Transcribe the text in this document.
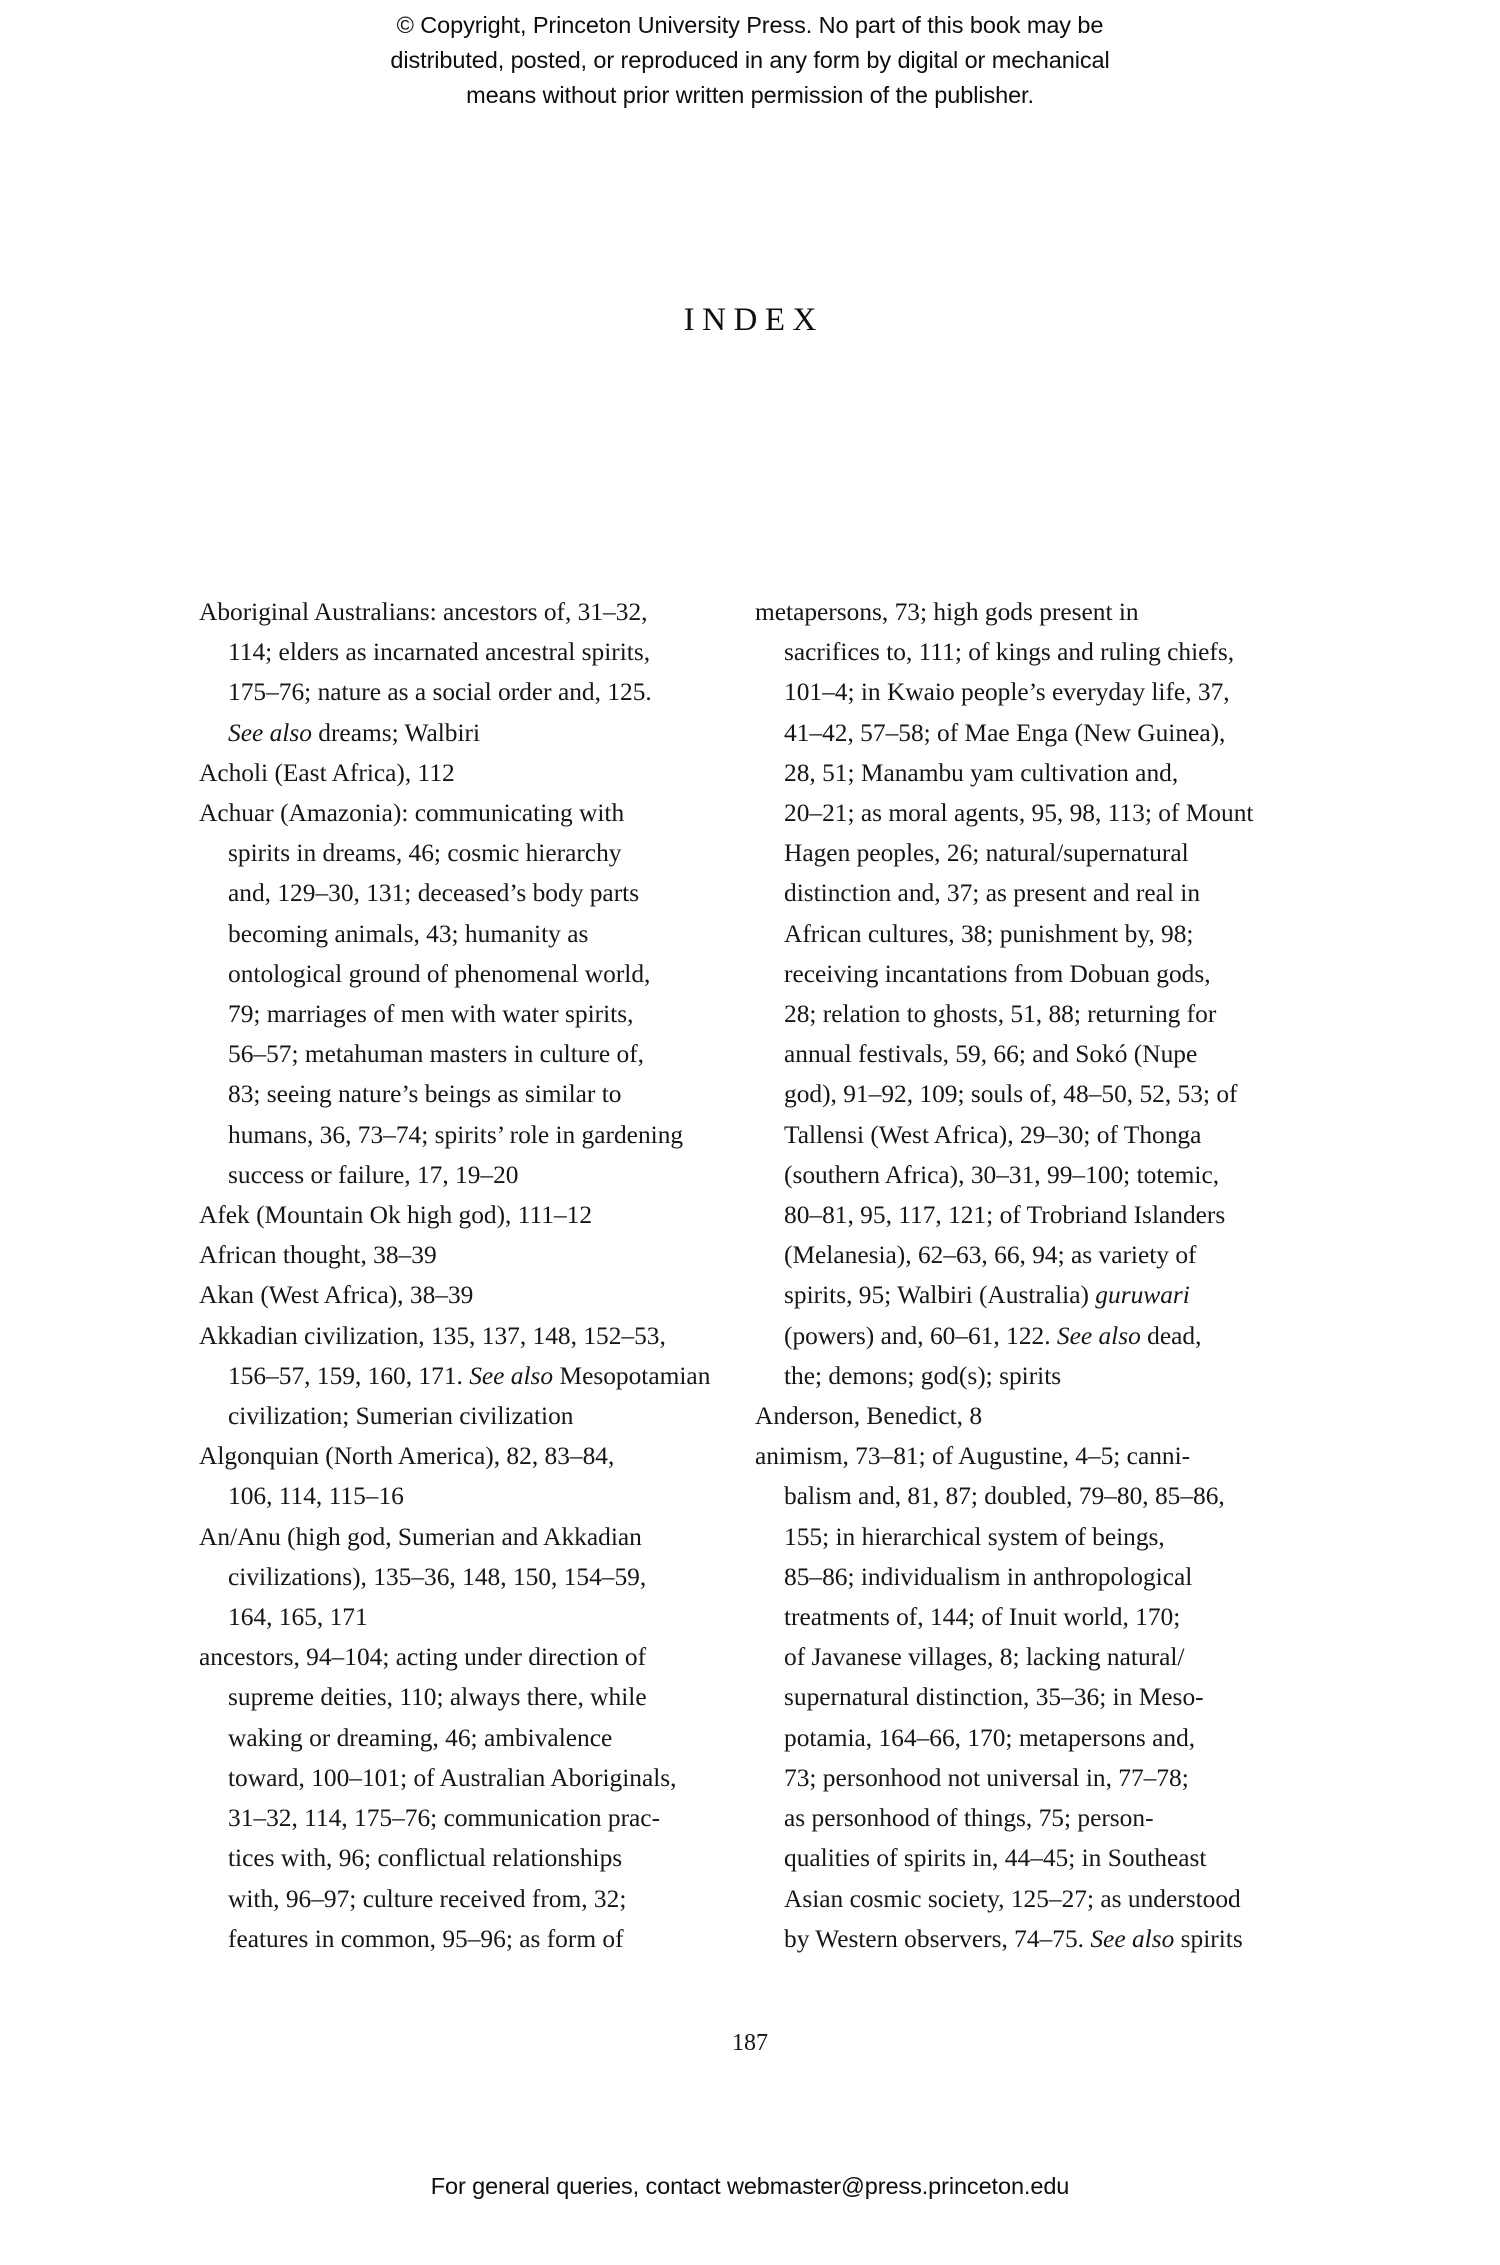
© Copyright, Princeton University Press. No part of this book may be
distributed, posted, or reproduced in any form by digital or mechanical
means without prior written permission of the publisher.
INDEX

Aboriginal Australians: ancestors of, 31–32,
114; elders as incarnated ancestral spirits,
175–76; nature as a social order and, 125.
See also dreams; Walbiri

Acholi (East Africa), 112

Achuar (Amazonia): communicating with
spirits in dreams, 46; cosmic hierarchy
and, 129–30, 131; deceased’s body parts
becoming animals, 43; humanity as
ontological ground of phenomenal world,
79; marriages of men with water spirits,
56–57; metahuman masters in culture of,
83; seeing nature’s beings as similar to
humans, 36, 73–74; spirits’ role in gardening
success or failure, 17, 19–20

Afek (Mountain Ok high god), 111–12

African thought, 38–39

Akan (West Africa), 38–39

Akkadian civilization, 135, 137, 148, 152–53,
156–57, 159, 160, 171. See also Mesopotamian
civilization; Sumerian civilization

Algonquian (North America), 82, 83–84,
106, 114, 115–16

An/Anu (high god, Sumerian and Akkadian
civilizations), 135–36, 148, 150, 154–59,
164, 165, 171

ancestors, 94–104; acting under direction of
supreme deities, 110; always there, while
waking or dreaming, 46; ambivalence
toward, 100–101; of Australian Aboriginals,
31–32, 114, 175–76; communication prac-
tices with, 96; conflictual relationships
with, 96–97; culture received from, 32;
features in common, 95–96; as form of

metapersons, 73; high gods present in
sacrifices to, 111; of kings and ruling chiefs,
101–4; in Kwaio people’s everyday life, 37,
41–42, 57–58; of Mae Enga (New Guinea),
28, 51; Manambu yam cultivation and,
20–21; as moral agents, 95, 98, 113; of Mount
Hagen peoples, 26; natural/supernatural
distinction and, 37; as present and real in
African cultures, 38; punishment by, 98;
receiving incantations from Dobuan gods,
28; relation to ghosts, 51, 88; returning for
annual festivals, 59, 66; and Sokó (Nupe
god), 91–92, 109; souls of, 48–50, 52, 53; of
Tallensi (West Africa), 29–30; of Thonga
(southern Africa), 30–31, 99–100; totemic,
80–81, 95, 117, 121; of Trobriand Islanders
(Melanesia), 62–63, 66, 94; as variety of
spirits, 95; Walbiri (Australia) guruwari
(powers) and, 60–61, 122. See also dead,
the; demons; god(s); spirits

Anderson, Benedict, 8

animism, 73–81; of Augustine, 4–5; canni-
balism and, 81, 87; doubled, 79–80, 85–86,
155; in hierarchical system of beings,
85–86; individualism in anthropological
treatments of, 144; of Inuit world, 170;
of Javanese villages, 8; lacking natural/
supernatural distinction, 35–36; in Meso-
potamia, 164–66, 170; metapersons and,
73; personhood not universal in, 77–78;
as personhood of things, 75; person-
qualities of spirits in, 44–45; in Southeast
Asian cosmic society, 125–27; as understood
by Western observers, 74–75. See also spirits

187
For general queries, contact webmaster@press.princeton.edu
